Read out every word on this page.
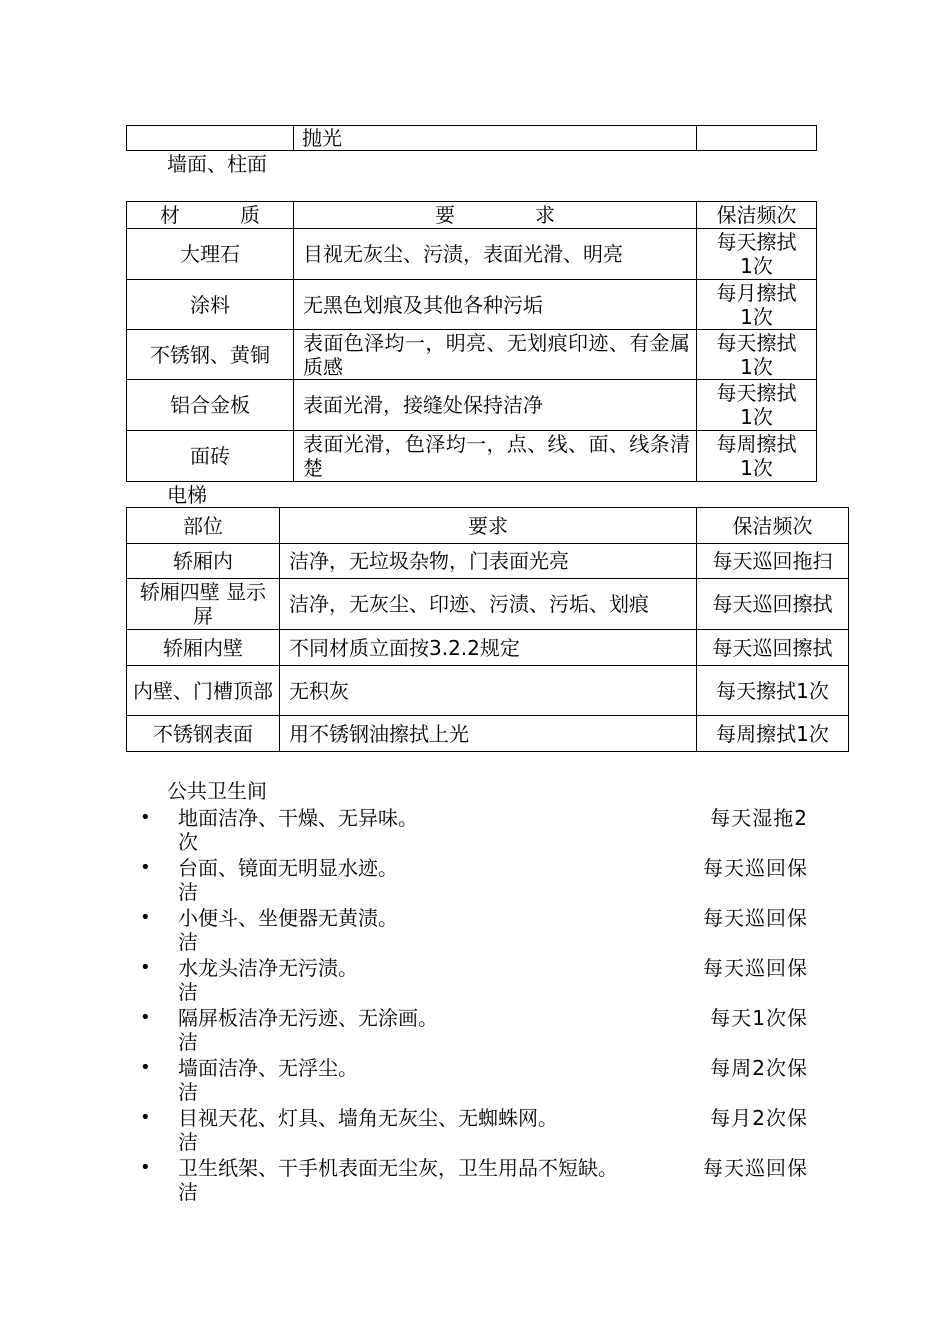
	抛光	
墙面、柱面
材　　　质	要　　　　求	保洁频次
大理石	目视无灰尘、污渍，表面光滑、明亮	每天擦拭
1次
涂料	无黑色划痕及其他各种污垢	每月擦拭
1次
不锈钢、黄铜	表面色泽均一，明亮、无划痕印迹、有金属质感	每天擦拭
1次
铝合金板	表面光滑，接缝处保持洁净	每天擦拭
1次
面砖	表面光滑，色泽均一，点、线、面、线条清楚	每周擦拭
1次
电梯
部位	要求	保洁频次
轿厢内	洁净，无垃圾杂物，门表面光亮	每天巡回拖扫
轿厢四壁 显示屏	洁净，无灰尘、印迹、污渍、污垢、划痕	每天巡回擦拭
轿厢内壁	不同材质立面按3.2.2规定	每天巡回擦拭
内壁、门槽顶部	无积灰	每天擦拭1次
不锈钢表面	用不锈钢油擦拭上光	每周擦拭1次
公共卫生间
• 地面洁净、干燥、无异味。	每天湿拖2
次
• 台面、镜面无明显水迹。	每天巡回保
洁
• 小便斗、坐便器无黄渍。	每天巡回保
洁
• 水龙头洁净无污渍。	每天巡回保
洁
• 隔屏板洁净无污迹、无涂画。	每天1次保
洁
• 墙面洁净、无浮尘。	每周2次保
洁
• 目视天花、灯具、墙角无灰尘、无蜘蛛网。	每月2次保
洁
• 卫生纸架、干手机表面无尘灰，卫生用品不短缺。	每天巡回保
洁
